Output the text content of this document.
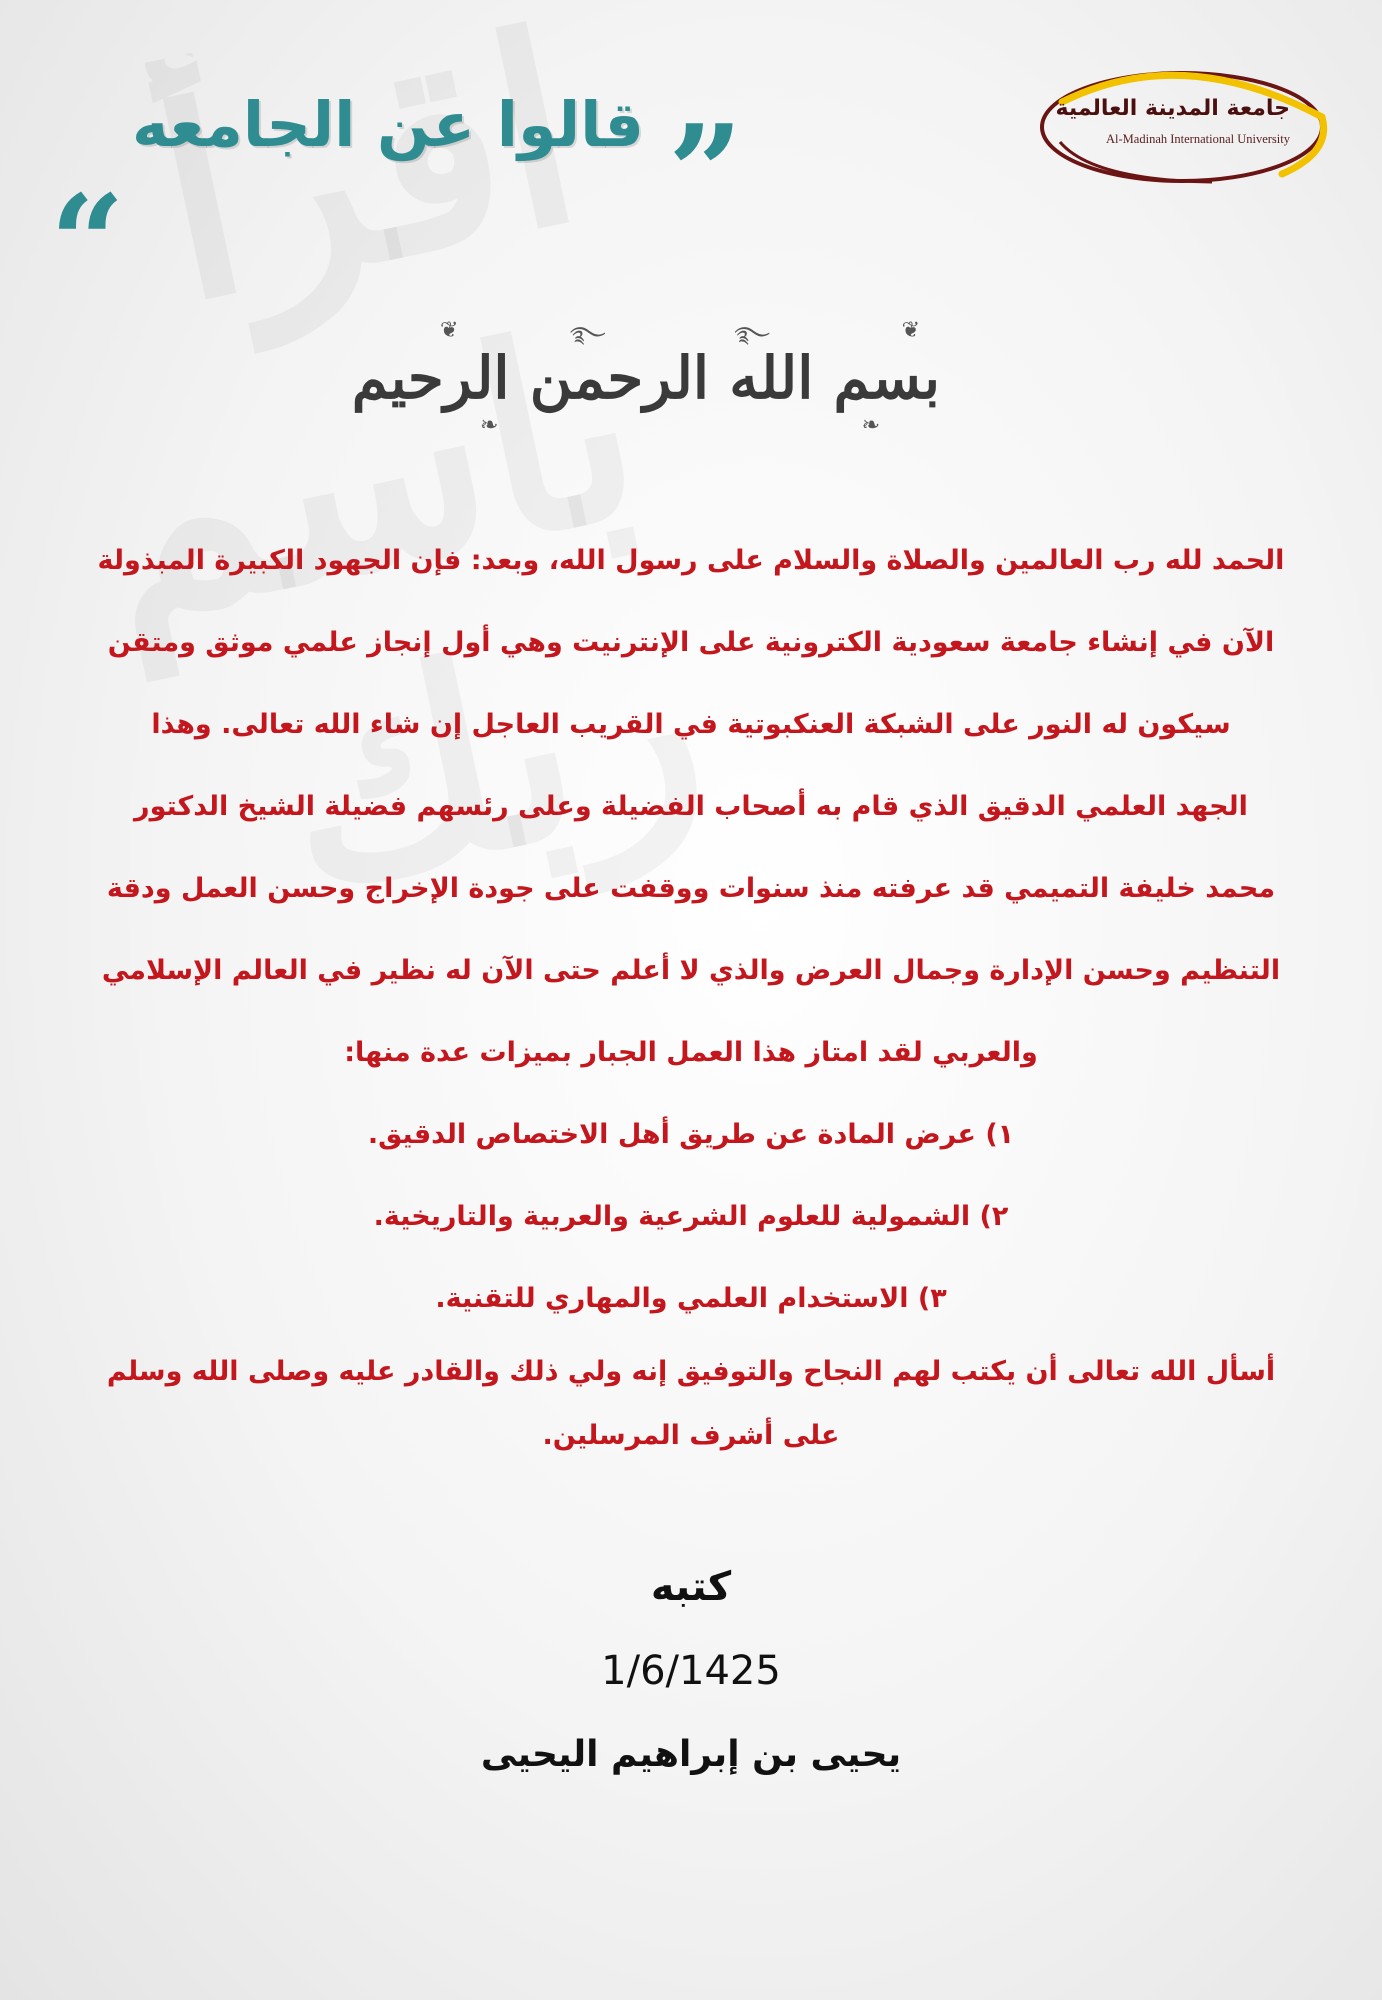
جامعة المدينة العالمية
Al-Madinah International University
”
قالوا عن الجامعه
“
❦	❦
࿐	࿐
❧	❧
بسم الله الرحمن الرحيم
الحمد لله رب العالمين والصلاة والسلام على رسول الله، وبعد: فإن الجهود الكبيرة المبذولة
الآن في إنشاء جامعة سعودية الكترونية على الإنترنيت وهي أول إنجاز علمي موثق ومتقن
سيكون له النور على الشبكة العنكبوتية في القريب العاجل إن شاء الله تعالى. وهذا
الجهد العلمي الدقيق الذي قام به أصحاب الفضيلة وعلى رئسهم فضيلة الشيخ الدكتور
محمد خليفة التميمي قد عرفته منذ سنوات ووقفت على جودة الإخراج وحسن العمل ودقة
التنظيم وحسن الإدارة وجمال العرض والذي لا أعلم حتى الآن له نظير في العالم الإسلامي
والعربي لقد امتاز هذا العمل الجبار بميزات عدة منها:
١) عرض المادة عن طريق أهل الاختصاص الدقيق.
٢) الشمولية للعلوم الشرعية والعربية والتاريخية.
٣) الاستخدام العلمي والمهاري للتقنية.
أسأل الله تعالى أن يكتب لهم النجاح والتوفيق إنه ولي ذلك والقادر عليه وصلى الله وسلم
على أشرف المرسلين.
كتبه
1/6/1425
يحيى بن إبراهيم اليحيى
